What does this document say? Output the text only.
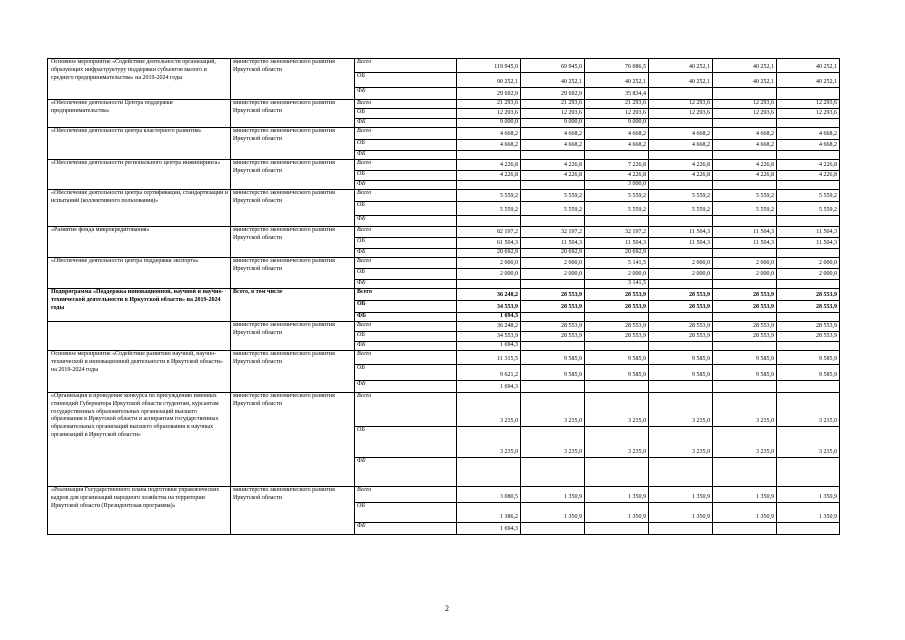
Основное мероприятие «Содействие деятельности организаций, образующих инфраструктуру поддержки субъектов малого и среднего предпринимательства» на 2019-2024 годы	министерство экономического развития Иркутской области	Всего	119 945,0	69 945,0	76 086,5	40 252,1	40 252,1	40 252,1
		ОБ	90 252,1	40 252,1	40 252,1	40 252,1	40 252,1	40 252,1
		ФБ	29 692,9	29 692,9	35 834,4			
«Обеспечение деятельности Центра поддержки предпринимательства»	министерство экономического развития Иркутской области	Всего	21 293,6	21 293,6	21 293,6	12 293,6	12 293,6	12 293,6
		ОБ	12 293,6	12 293,6	12 293,6	12 293,6	12 293,6	12 293,6
		ФБ	9 000,0	9 000,0	9 000,0			
«Обеспечение деятельности центра кластерного развития»	министерство экономического развития Иркутской области	Всего	4 668,2	4 668,2	4 668,2	4 668,2	4 668,2	4 668,2
		ОБ	4 668,2	4 668,2	4 668,2	4 668,2	4 668,2	4 668,2
		ФБ						
«Обеспечение деятельности регионального центра инжиниринга»	министерство экономического развития Иркутской области	Всего	4 226,8	4 226,8	7 226,8	4 226,8	4 226,8	4 226,8
		ОБ	4 226,8	4 226,8	4 226,8	4 226,8	4 226,8	4 226,8
		ФБ			3 000,0			
«Обеспечение деятельности центра сертификации, стандартизации и испытаний (коллективного пользования)»	министерство экономического развития Иркутской области	Всего	5 559,2	5 559,2	5 559,2	5 559,2	5 559,2	5 559,2
		ОБ	5 559,2	5 559,2	5 559,2	5 559,2	5 559,2	5 559,2
		ФБ						
«Развитие фонда микрокредитования»	министерство экономического развития Иркутской области	Всего	82 197,2	32 197,2	32 197,2	11 504,3	11 504,3	11 504,3
		ОБ	61 504,3	11 504,3	11 504,3	11 504,3	11 504,3	11 504,3
		ФБ	20 692,9	20 692,9	20 692,9			
«Обеспечение деятельности центра поддержки экспорта»	министерство экономического развития Иркутской области	Всего	2 000,0	2 000,0	5 141,5	2 000,0	2 000,0	2 000,0
		ОБ	2 000,0	2 000,0	2 000,0	2 000,0	2 000,0	2 000,0
		ФБ			3 141,5			
Подпрограмма «Поддержка инновационной, научной и научно-технической деятельности в Иркутской области» на 2019-2024 годы	Всего, в том числе	Всего	36 248,2	28 553,9	28 553,9	28 553,9	28 553,9	28 553,9
		ОБ	34 553,9	28 553,9	28 553,9	28 553,9	28 553,9	28 553,9
		ФБ	1 694,3					
	министерство экономического развития Иркутской области	Всего	36 248,2	28 553,9	28 553,9	28 553,9	28 553,9	28 553,9
		ОБ	34 553,9	28 553,9	28 553,9	28 553,9	28 553,9	28 553,9
		ФБ	1 694,3					
Основное мероприятие «Содействие развитию научной, научно-технической и инновационной деятельности в Иркутской области» на 2019-2024 годы	министерство экономического развития Иркутской области	Всего	11 315,5	9 585,9	9 585,9	9 585,9	9 585,9	9 585,9
		ОБ	9 621,2	9 585,9	9 585,9	9 585,9	9 585,9	9 585,9
		ФБ	1 694,3					
«Организация и проведение конкурса по присуждению именных стипендий Губернатора Иркутской области студентам, курсантам государственных образовательных организаций высшего образования в Иркутской области и аспирантам государственных образовательных организаций высшего образования и научных организаций в Иркутской области»	министерство экономического развития Иркутской области	Всего	3 235,0	3 235,0	3 235,0	3 235,0	3 235,0	3 235,0
		ОБ	3 235,0	3 235,0	3 235,0	3 235,0	3 235,0	3 235,0
		ФБ						
«Реализация Государственного плана подготовки управленческих кадров для организаций народного хозяйства на территории Иркутской области (Президентская программа)»	министерство экономического развития Иркутской области	Всего	3 080,5	1 350,9	1 350,9	1 350,9	1 350,9	1 350,9
		ОБ	1 386,2	1 350,9	1 350,9	1 350,9	1 350,9	1 350,9
		ФБ	1 694,3					
2
